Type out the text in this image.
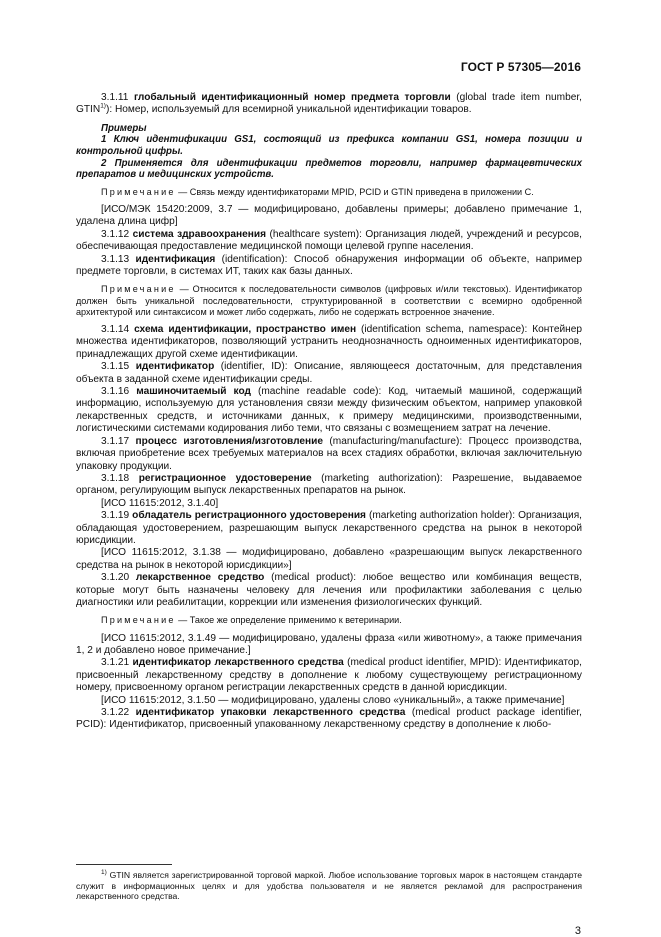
ГОСТ Р 57305—2016

3.1.11 глобальный идентификационный номер предмета торговли (global trade item number, GTIN$^{1)}$): Номер, используемый для всемирной уникальной идентификации товаров.

Примеры

1 Ключ идентификации GS1, состоящий из префикса компании GS1, номера позиции и контрольной цифры.

2 Применяется для идентификации предметов торговли, например фармацевтических препаратов и медицинских устройств.

Примечание — Связь между идентификаторами MPID, PCID и GTIN приведена в приложении C.

[ИСО/МЭК 15420:2009, 3.7 — модифицировано, добавлены примеры; добавлено примечание 1, удалена длина цифр]

3.1.12 система здравоохранения (healthcare system): Организация людей, учреждений и ресурсов, обеспечивающая предоставление медицинской помощи целевой группе населения.

3.1.13 идентификация (identification): Способ обнаружения информации об объекте, например предмете торговли, в системах ИТ, таких как базы данных.

Примечание — Относится к последовательности символов (цифровых и/или текстовых). Идентификатор должен быть уникальной последовательности, структурированной в соответствии с всемирно одобренной архитектурой или синтаксисом и может либо содержать, либо не содержать встроенное значение.

3.1.14 схема идентификации, пространство имен (identification schema, namespace): Контейнер множества идентификаторов, позволяющий устранить неоднозначность одноименных идентификаторов, принадлежащих другой схеме идентификации.

3.1.15 идентификатор (identifier, ID): Описание, являющееся достаточным, для представления объекта в заданной схеме идентификации среды.

3.1.16 машиночитаемый код (machine readable code): Код, читаемый машиной, содержащий информацию, используемую для установления связи между физическим объектом, например упаковкой лекарственных средств, и источниками данных, к примеру медицинскими, производственными, логистическими системами кодирования либо теми, что связаны с возмещением затрат на лечение.

3.1.17 процесс изготовления/изготовление (manufacturing/manufacture): Процесс производства, включая приобретение всех требуемых материалов на всех стадиях обработки, включая заключительную упаковку продукции.

3.1.18 регистрационное удостоверение (marketing authorization): Разрешение, выдаваемое органом, регулирующим выпуск лекарственных препаратов на рынок.

[ИСО 11615:2012, 3.1.40]

3.1.19 обладатель регистрационного удостоверения (marketing authorization holder): Организация, обладающая удостоверением, разрешающим выпуск лекарственного средства на рынок в некоторой юрисдикции.

[ИСО 11615:2012, 3.1.38 — модифицировано, добавлено «разрешающим выпуск лекарственного средства на рынок в некоторой юрисдикции»]

3.1.20 лекарственное средство (medical product): любое вещество или комбинация веществ, которые могут быть назначены человеку для лечения или профилактики заболевания с целью диагностики или реабилитации, коррекции или изменения физиологических функций.

Примечание — Такое же определение применимо к ветеринарии.

[ИСО 11615:2012, 3.1.49 — модифицировано, удалены фраза «или животному», а также примечания 1, 2 и добавлено новое примечание.]

3.1.21 идентификатор лекарственного средства (medical product identifier, MPID): Идентификатор, присвоенный лекарственному средству в дополнение к любому существующему регистрационному номеру, присвоенному органом регистрации лекарственных средств в данной юрисдикции.

[ИСО 11615:2012, 3.1.50 — модифицировано, удалены слово «уникальный», а также примечание]

3.1.22 идентификатор упаковки лекарственного средства (medical product package identifier, PCID): Идентификатор, присвоенный упакованному лекарственному средству в дополнение к любо-

$^{1)}$ GTIN является зарегистрированной торговой маркой. Любое использование торговых марок в настоящем стандарте служит в информационных целях и для удобства пользователя и не является рекламой для распространения лекарственного средства.
3
